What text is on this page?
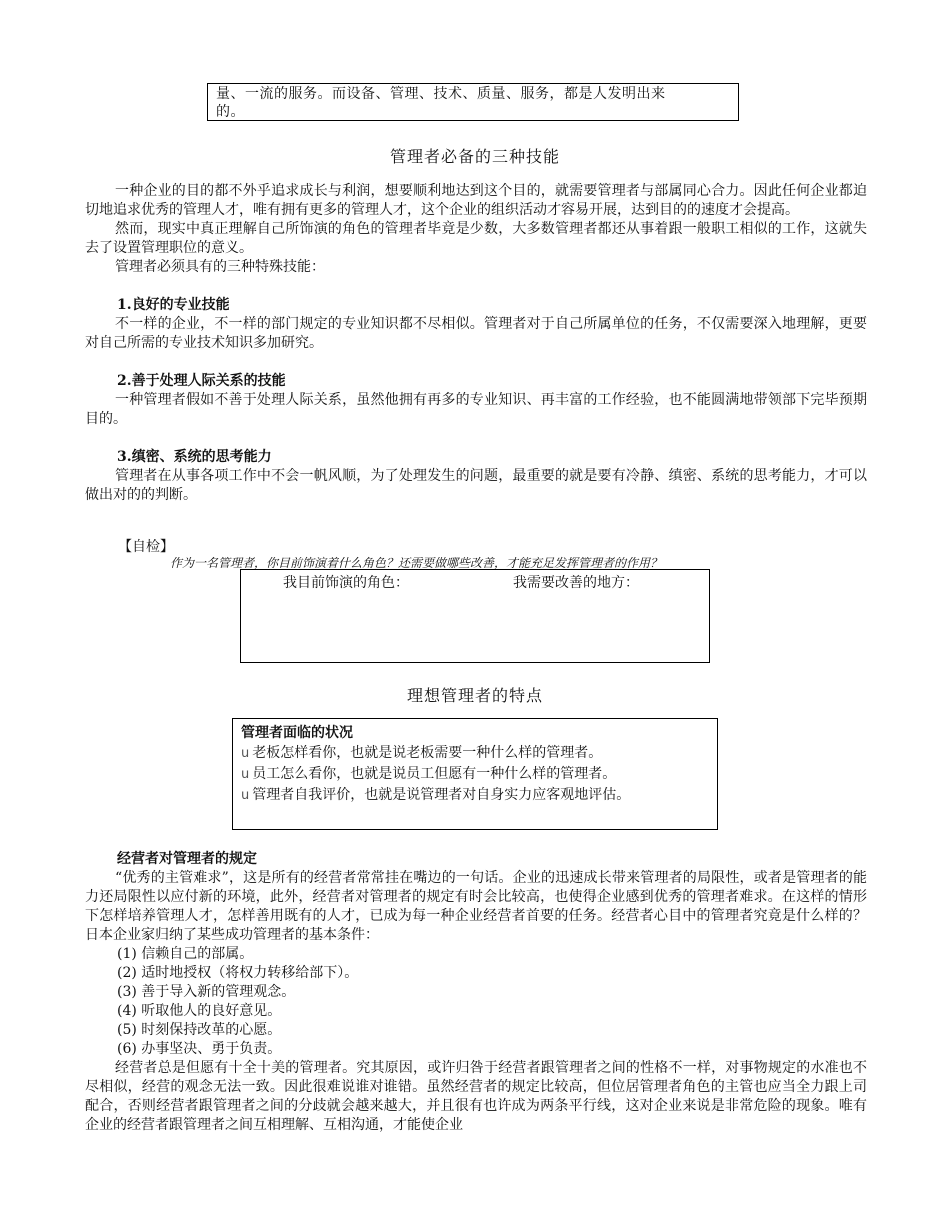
量、一流的服务。而设备、管理、技术、质量、服务，都是人发明出来
的。
管理者必备的三种技能

一种企业的目的都不外乎追求成长与利润，想要顺利地达到这个目的，就需要管理者与部属同心合力。因此任何企业都迫切地追求优秀的管理人才，唯有拥有更多的管理人才，这个企业的组织活动才容易开展，达到目的的速度才会提高。

然而，现实中真正理解自己所饰演的角色的管理者毕竟是少数，大多数管理者都还从事着跟一般职工相似的工作，这就失去了设置管理职位的意义。

管理者必须具有的三种特殊技能：

1.良好的专业技能

不一样的企业，不一样的部门规定的专业知识都不尽相似。管理者对于自己所属单位的任务，不仅需要深入地理解，更要对自己所需的专业技术知识多加研究。

2.善于处理人际关系的技能

一种管理者假如不善于处理人际关系，虽然他拥有再多的专业知识、再丰富的工作经验，也不能圆满地带领部下完毕预期目的。

3.缜密、系统的思考能力

管理者在从事各项工作中不会一帆风顺，为了处理发生的问题，最重要的就是要有冷静、缜密、系统的思考能力，才可以做出对的的判断。

【自检】
作为一名管理者，你目前饰演着什么角色？还需要做哪些改善，才能充足发挥管理者的作用？
我目前饰演的角色：	我需要改善的地方：
理想管理者的特点
管理者面临的状况
u 老板怎样看你，也就是说老板需要一种什么样的管理者。
u 员工怎么看你，也就是说员工但愿有一种什么样的管理者。
u 管理者自我评价，也就是说管理者对自身实力应客观地评估。
经营者对管理者的规定

“优秀的主管难求”，这是所有的经营者常常挂在嘴边的一句话。企业的迅速成长带来管理者的局限性，或者是管理者的能力还局限性以应付新的环境，此外，经营者对管理者的规定有时会比较高，也使得企业感到优秀的管理者难求。在这样的情形下怎样培养管理人才，怎样善用既有的人才，已成为每一种企业经营者首要的任务。经营者心目中的管理者究竟是什么样的？日本企业家归纳了某些成功管理者的基本条件：

(1) 信赖自己的部属。
(2) 适时地授权（将权力转移给部下）。
(3) 善于导入新的管理观念。
(4) 听取他人的良好意见。
(5) 时刻保持改革的心愿。
(6) 办事坚决、勇于负责。

经营者总是但愿有十全十美的管理者。究其原因，或许归咎于经营者跟管理者之间的性格不一样，对事物规定的水准也不尽相似，经营的观念无法一致。因此很难说谁对谁错。虽然经营者的规定比较高，但位居管理者角色的主管也应当全力跟上司配合，否则经营者跟管理者之间的分歧就会越来越大，并且很有也许成为两条平行线，这对企业来说是非常危险的现象。唯有企业的经营者跟管理者之间互相理解、互相沟通，才能使企业
